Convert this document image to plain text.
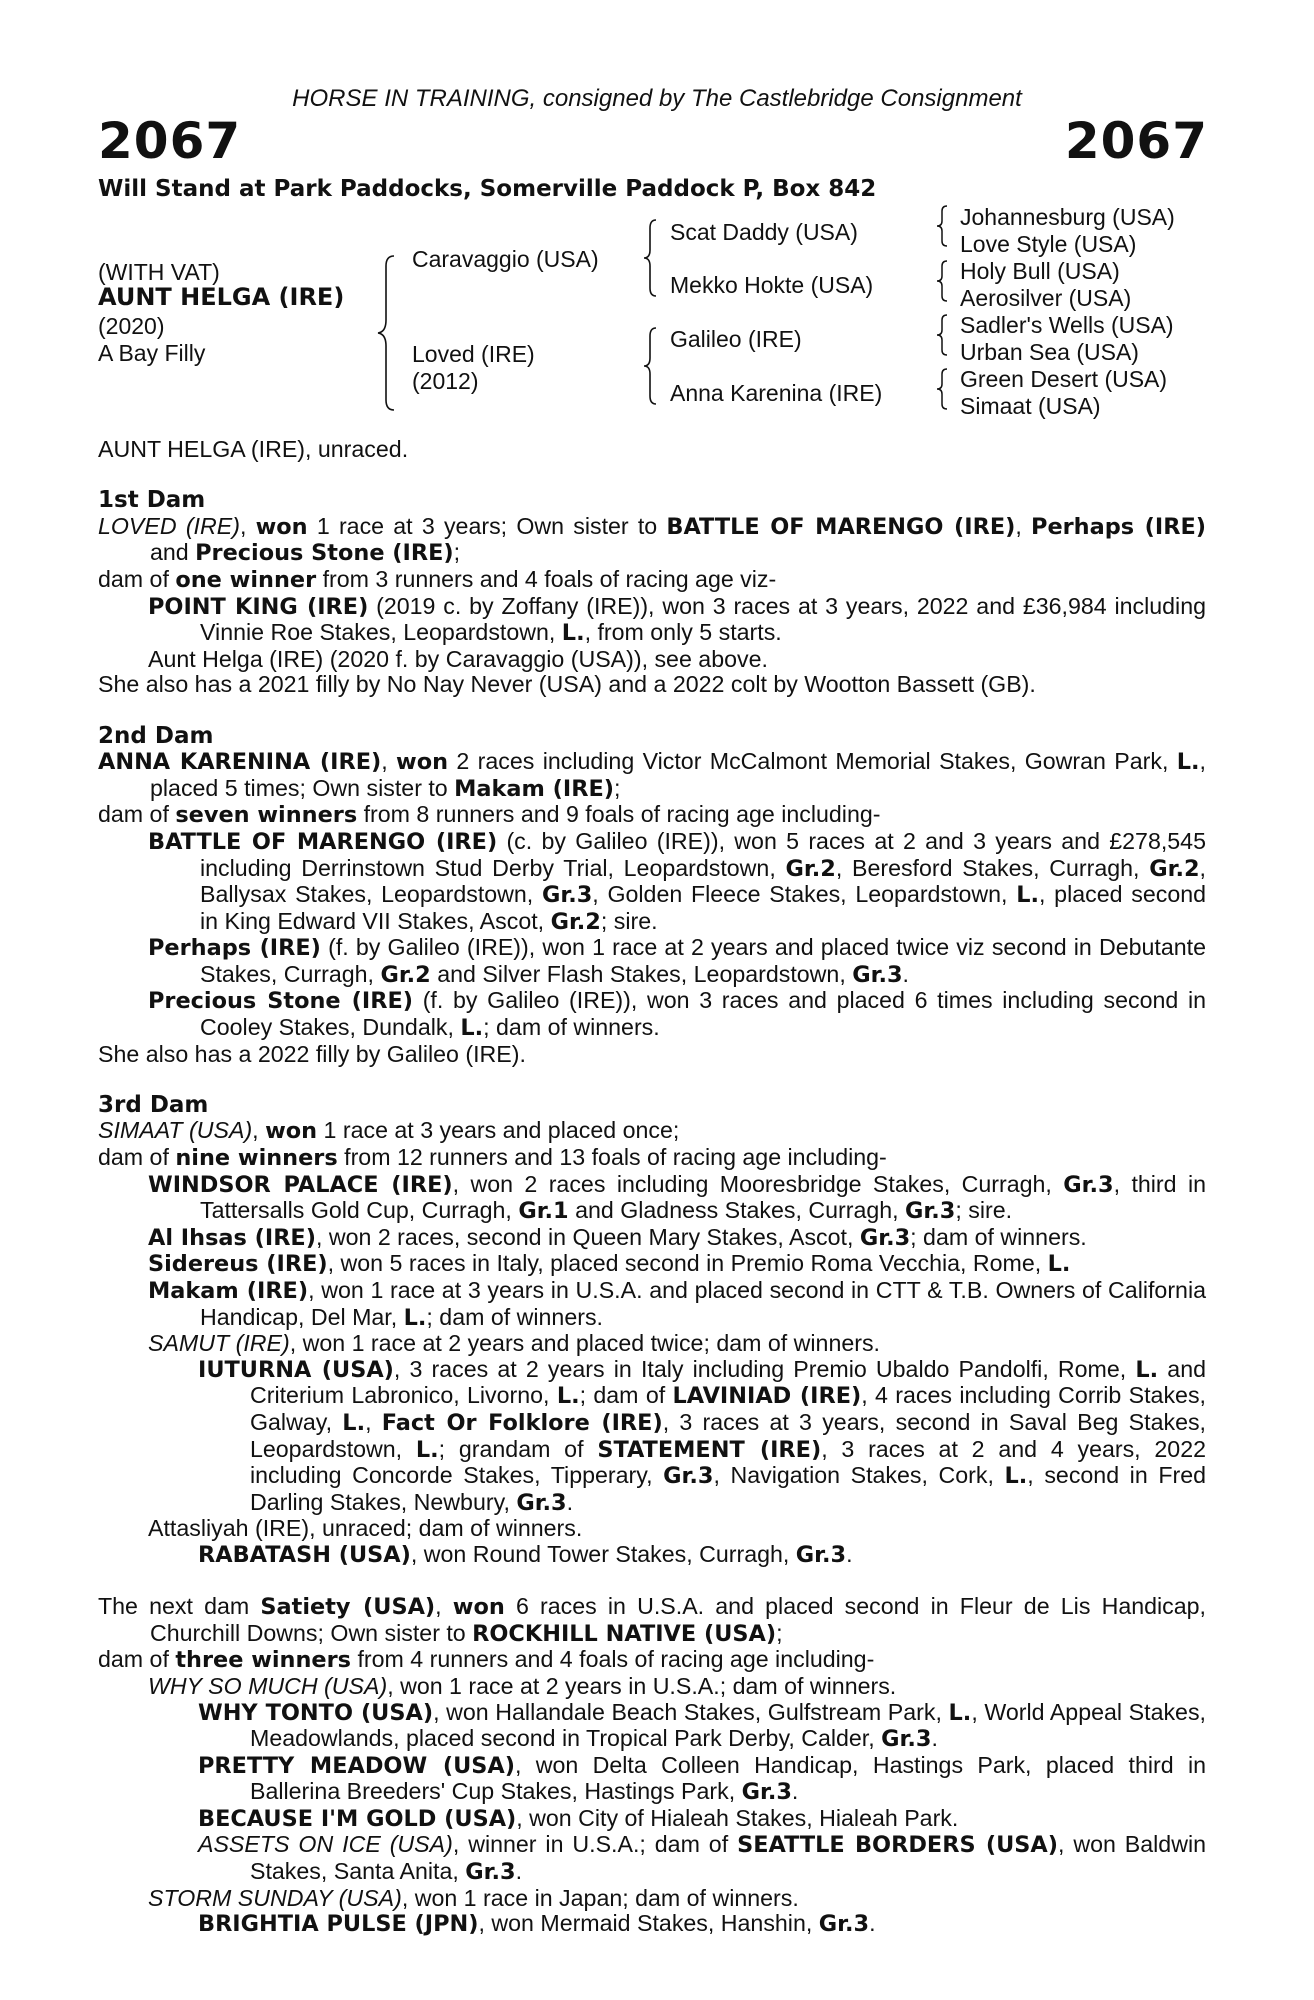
HORSE IN TRAINING, consigned by The Castlebridge Consignment
2067	2067
Will Stand at Park Paddocks, Somerville Paddock P, Box 842
(WITH VAT)
AUNT HELGA (IRE)
(2020)
A Bay Filly
Caravaggio (USA)
Loved (IRE)
(2012)
Scat Daddy (USA)
Mekko Hokte (USA)
Galileo (IRE)
Anna Karenina (IRE)
Johannesburg (USA)
Love Style (USA)
Holy Bull (USA)
Aerosilver (USA)
Sadler's Wells (USA)
Urban Sea (USA)
Green Desert (USA)
Simaat (USA)
AUNT HELGA (IRE), unraced.
1st Dam
LOVED (IRE), won 1 race at 3 years; Own sister to BATTLE OF MARENGO (IRE), Perhaps (IRE) and Precious Stone (IRE);
dam of one winner from 3 runners and 4 foals of racing age viz-
POINT KING (IRE) (2019 c. by Zoffany (IRE)), won 3 races at 3 years, 2022 and £36,984 including Vinnie Roe Stakes, Leopardstown, L., from only 5 starts.
Aunt Helga (IRE) (2020 f. by Caravaggio (USA)), see above.
She also has a 2021 filly by No Nay Never (USA) and a 2022 colt by Wootton Bassett (GB).
2nd Dam
ANNA KARENINA (IRE), won 2 races including Victor McCalmont Memorial Stakes, Gowran Park, L., placed 5 times; Own sister to Makam (IRE);
dam of seven winners from 8 runners and 9 foals of racing age including-
BATTLE OF MARENGO (IRE) (c. by Galileo (IRE)), won 5 races at 2 and 3 years and £278,545 including Derrinstown Stud Derby Trial, Leopardstown, Gr.2, Beresford Stakes, Curragh, Gr.2, Ballysax Stakes, Leopardstown, Gr.3, Golden Fleece Stakes, Leopardstown, L., placed second in King Edward VII Stakes, Ascot, Gr.2; sire.
Perhaps (IRE) (f. by Galileo (IRE)), won 1 race at 2 years and placed twice viz second in Debutante Stakes, Curragh, Gr.2 and Silver Flash Stakes, Leopardstown, Gr.3.
Precious Stone (IRE) (f. by Galileo (IRE)), won 3 races and placed 6 times including second in Cooley Stakes, Dundalk, L.; dam of winners.
She also has a 2022 filly by Galileo (IRE).
3rd Dam
SIMAAT (USA), won 1 race at 3 years and placed once;
dam of nine winners from 12 runners and 13 foals of racing age including-
WINDSOR PALACE (IRE), won 2 races including Mooresbridge Stakes, Curragh, Gr.3, third in Tattersalls Gold Cup, Curragh, Gr.1 and Gladness Stakes, Curragh, Gr.3; sire.
Al Ihsas (IRE), won 2 races, second in Queen Mary Stakes, Ascot, Gr.3; dam of winners.
Sidereus (IRE), won 5 races in Italy, placed second in Premio Roma Vecchia, Rome, L.
Makam (IRE), won 1 race at 3 years in U.S.A. and placed second in CTT & T.B. Owners of California Handicap, Del Mar, L.; dam of winners.
SAMUT (IRE), won 1 race at 2 years and placed twice; dam of winners.
IUTURNA (USA), 3 races at 2 years in Italy including Premio Ubaldo Pandolfi, Rome, L. and Criterium Labronico, Livorno, L.; dam of LAVINIAD (IRE), 4 races including Corrib Stakes, Galway, L., Fact Or Folklore (IRE), 3 races at 3 years, second in Saval Beg Stakes, Leopardstown, L.; grandam of STATEMENT (IRE), 3 races at 2 and 4 years, 2022 including Concorde Stakes, Tipperary, Gr.3, Navigation Stakes, Cork, L., second in Fred Darling Stakes, Newbury, Gr.3.
Attasliyah (IRE), unraced; dam of winners.
RABATASH (USA), won Round Tower Stakes, Curragh, Gr.3.
The next dam Satiety (USA), won 6 races in U.S.A. and placed second in Fleur de Lis Handicap, Churchill Downs; Own sister to ROCKHILL NATIVE (USA);
dam of three winners from 4 runners and 4 foals of racing age including-
WHY SO MUCH (USA), won 1 race at 2 years in U.S.A.; dam of winners.
WHY TONTO (USA), won Hallandale Beach Stakes, Gulfstream Park, L., World Appeal Stakes, Meadowlands, placed second in Tropical Park Derby, Calder, Gr.3.
PRETTY MEADOW (USA), won Delta Colleen Handicap, Hastings Park, placed third in Ballerina Breeders' Cup Stakes, Hastings Park, Gr.3.
BECAUSE I'M GOLD (USA), won City of Hialeah Stakes, Hialeah Park.
ASSETS ON ICE (USA), winner in U.S.A.; dam of SEATTLE BORDERS (USA), won Baldwin Stakes, Santa Anita, Gr.3.
STORM SUNDAY (USA), won 1 race in Japan; dam of winners.
BRIGHTIA PULSE (JPN), won Mermaid Stakes, Hanshin, Gr.3.
